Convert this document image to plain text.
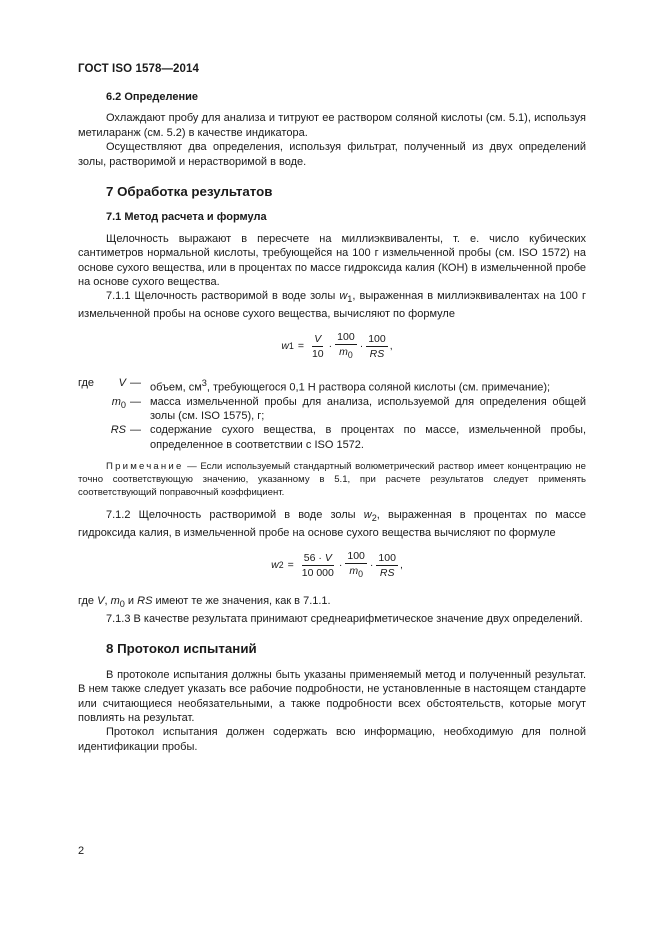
ГОСТ ISO 1578—2014
6.2 Определение

Охлаждают пробу для анализа и титруют ее раствором соляной кислоты (см. 5.1), используя метиларанж (см. 5.2) в качестве индикатора.

Осуществляют два определения, используя фильтрат, полученный из двух определений золы, растворимой и нерастворимой в воде.

7 Обработка результатов
7.1 Метод расчета и формула

Щелочность выражают в пересчете на миллиэквиваленты, т. е. число кубических сантиметров нормальной кислоты, требующейся на 100 г измельченной пробы (см. ISO 1572) на основе сухого вещества, или в процентах по массе гидроксида калия (КОН) в измельченной пробе на основе сухого вещества.

7.1.1 Щелочность растворимой в воде золы $w_1$, выраженная в миллиэквивалентах на 100 г измельченной пробы на основе сухого вещества, вычисляют по формуле

w $1 = \frac{V}{10} \cdot \frac{100}{m_0} \cdot \frac{100}{RS}$ ,
где	V	—	объем, $см^3$, требующегося 0,1 Н раствора соляной кислоты (см. примечание);
	$m_0$	—	масса измельченной пробы для анализа, используемой для определения общей золы (см. ISO 1575), г;
	RS	—	содержание сухого вещества, в процентах по массе, измельченной пробы, определенное в соответствии с ISO 1572.

Примечание — Если используемый стандартный волюметрический раствор имеет концентрацию не точно соответствующую значению, указанному в 5.1, при расчете результатов следует применять соответствующий поправочный коэффициент.

7.1.2 Щелочность растворимой в воде золы $w_2$, выраженная в процентах по массе гидроксида калия, в измельченной пробе на основе сухого вещества вычисляют по формуле

w $2 = \frac{56 \cdot V}{10 000} \cdot \frac{100}{m_0} \cdot \frac{100}{RS}$ ,

где V, $m_0$ и RS имеют те же значения, как в 7.1.1.

7.1.3 В качестве результата принимают среднеарифметическое значение двух определений.

8 Протокол испытаний

В протоколе испытания должны быть указаны применяемый метод и полученный результат. В нем также следует указать все рабочие подробности, не установленные в настоящем стандарте или считающиеся необязательными, а также подробности всех обстоятельств, которые могут повлиять на результат.

Протокол испытания должен содержать всю информацию, необходимую для полной идентификации пробы.

2
